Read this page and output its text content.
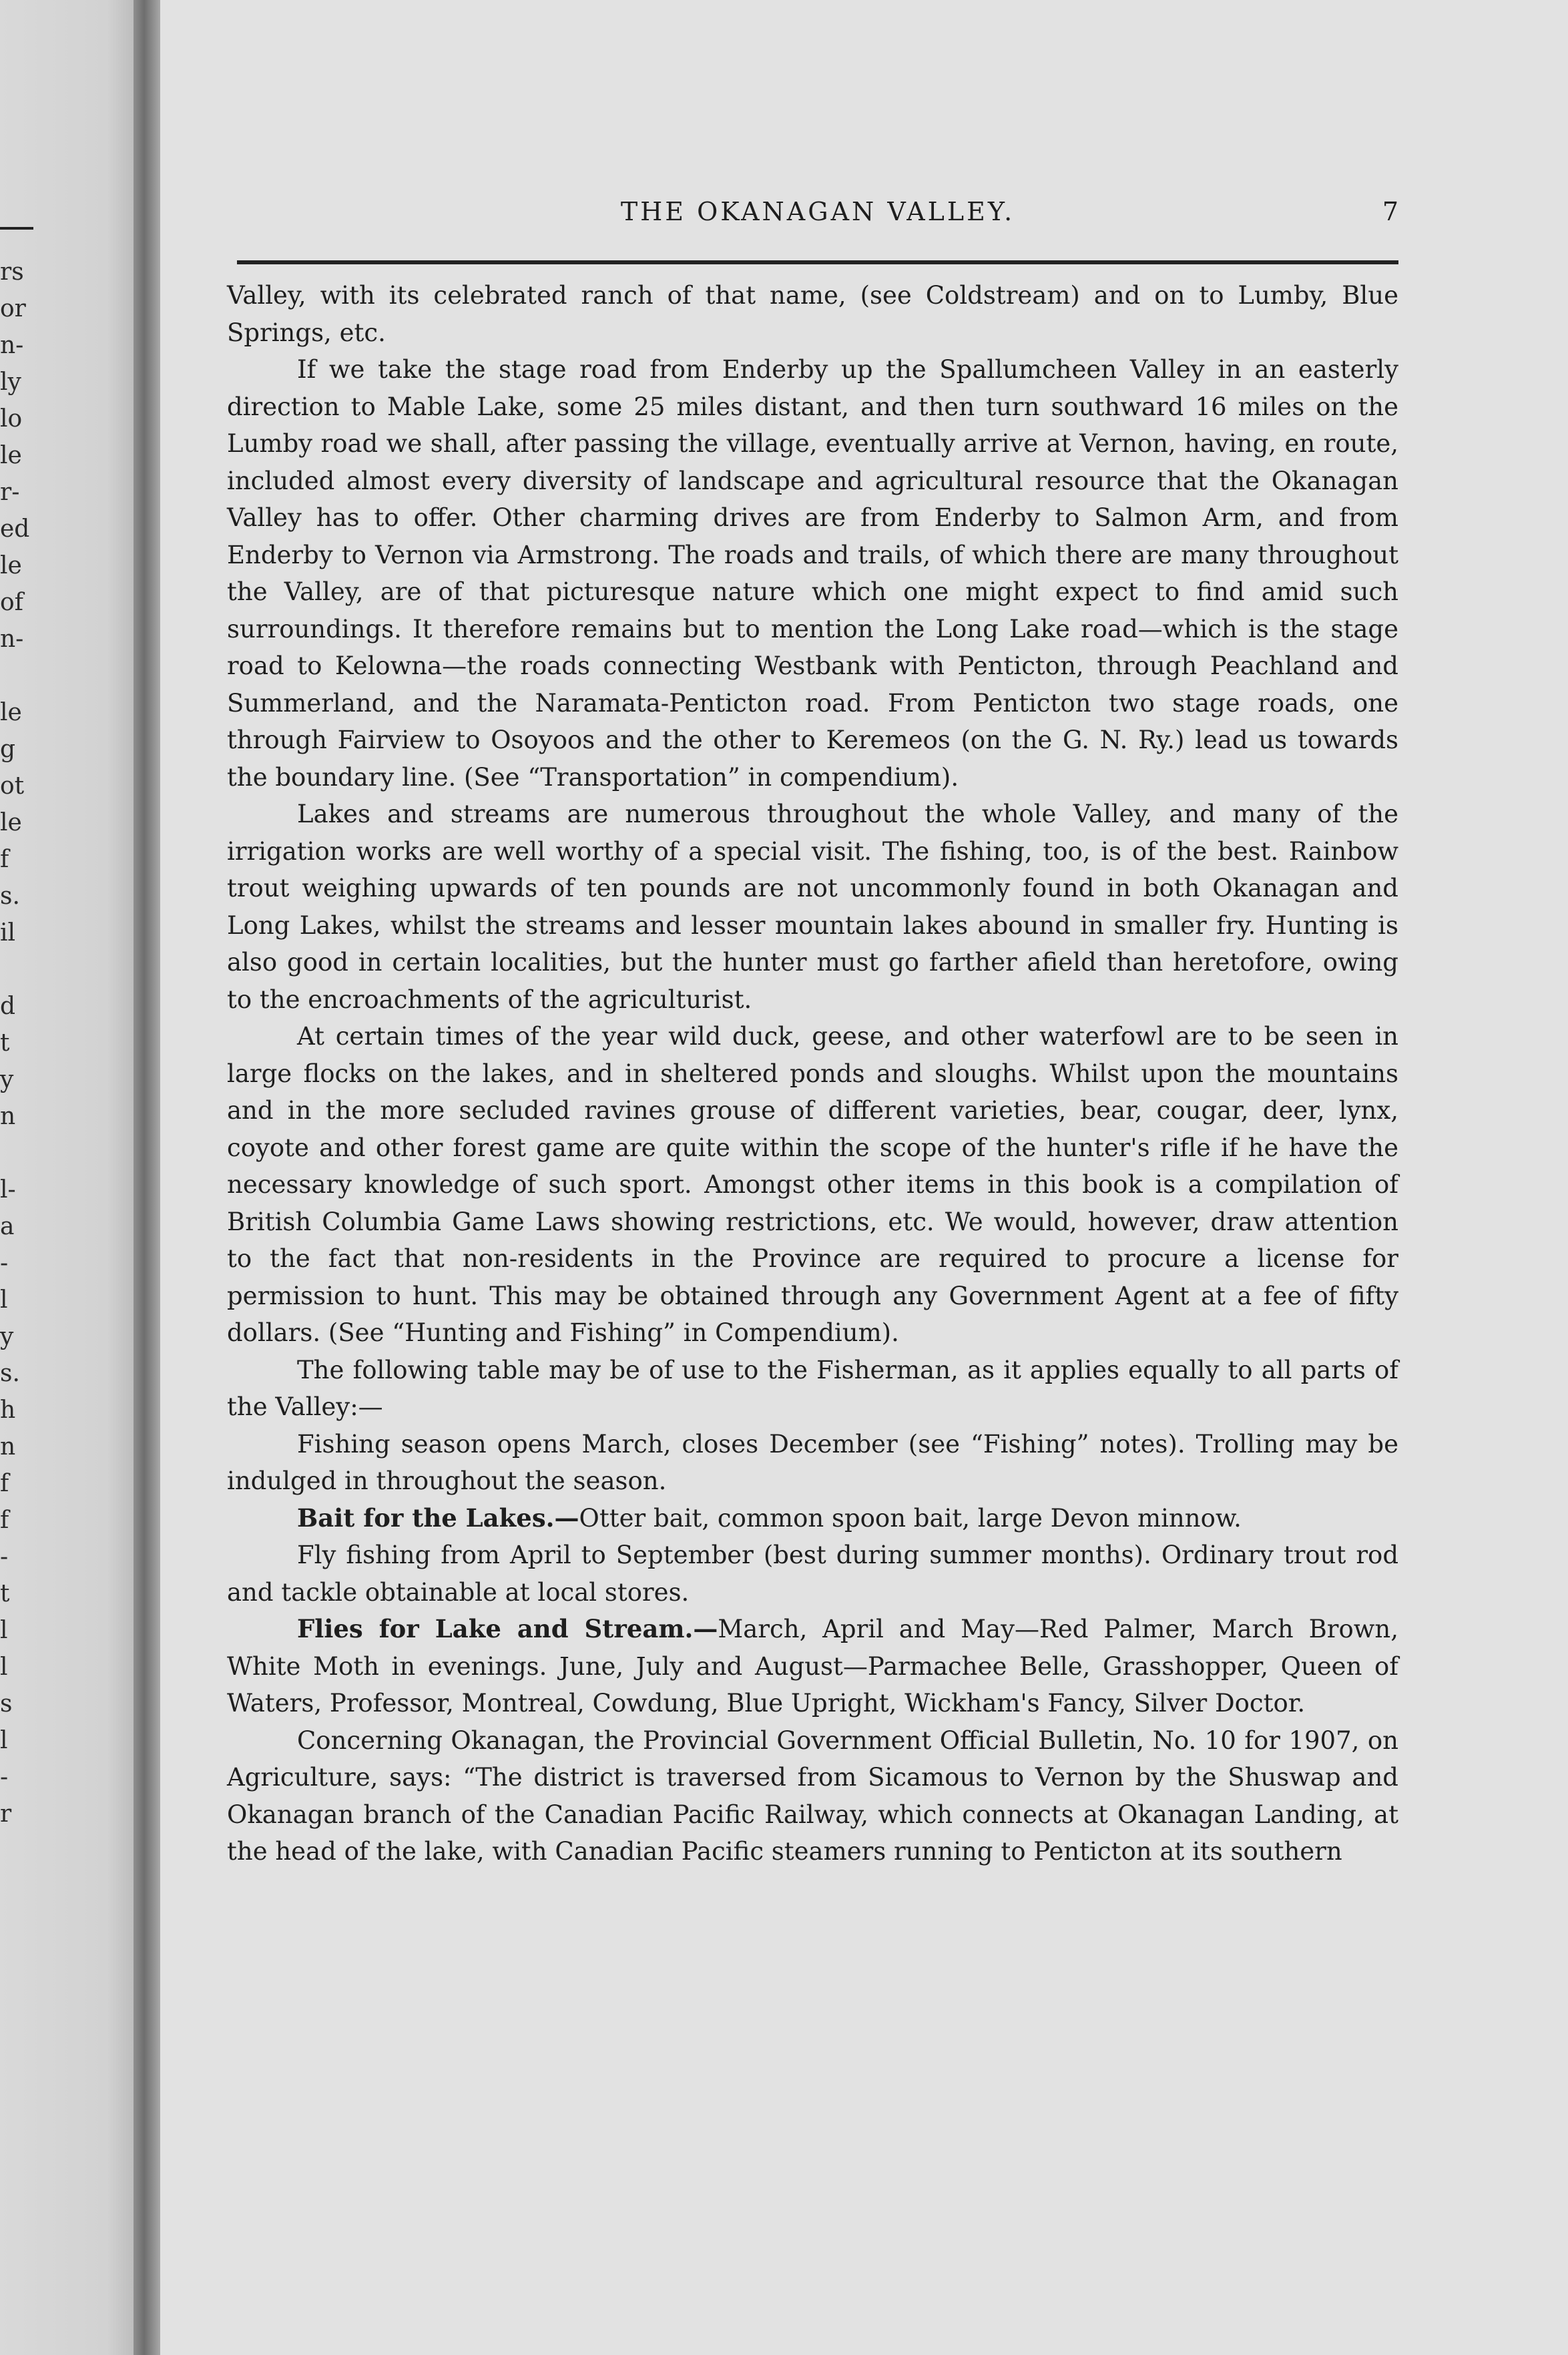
rs
or
n-
ly
lo
le
r-
ed
le
of
n-

le
g
ot
le
f
s.
il

d
t
y
n

l-
a
-
l
y
s.
h
n
f
f
-
t
l
l
s
l
-
r
THE OKANAGAN VALLEY.	7

Valley, with its celebrated ranch of that name, (see Coldstream) and on to Lumby, Blue Springs, etc.

If we take the stage road from Enderby up the Spallumcheen Valley in an easterly direction to Mable Lake, some 25 miles distant, and then turn southward 16 miles on the Lumby road we shall, after passing the village, eventually arrive at Vernon, having, en route, included almost every diversity of landscape and agricultural resource that the Okanagan Valley has to offer. Other charming drives are from Enderby to Salmon Arm, and from Enderby to Vernon via Armstrong. The roads and trails, of which there are many throughout the Valley, are of that picturesque nature which one might expect to find amid such surroundings. It therefore remains but to mention the Long Lake road—which is the stage road to Kelowna—the roads connecting Westbank with Penticton, through Peachland and Summerland, and the Naramata-Penticton road. From Penticton two stage roads, one through Fairview to Osoyoos and the other to Keremeos (on the G. N. Ry.) lead us towards the boundary line. (See “Transportation” in compendium).

Lakes and streams are numerous throughout the whole Valley, and many of the irrigation works are well worthy of a special visit. The fishing, too, is of the best. Rainbow trout weighing upwards of ten pounds are not uncommonly found in both Okanagan and Long Lakes, whilst the streams and lesser mountain lakes abound in smaller fry. Hunting is also good in certain localities, but the hunter must go farther afield than heretofore, owing to the encroachments of the agriculturist.

At certain times of the year wild duck, geese, and other waterfowl are to be seen in large flocks on the lakes, and in sheltered ponds and sloughs. Whilst upon the mountains and in the more secluded ravines grouse of different varieties, bear, cougar, deer, lynx, coyote and other forest game are quite within the scope of the hunter's rifle if he have the necessary knowledge of such sport. Amongst other items in this book is a compilation of British Columbia Game Laws showing restrictions, etc. We would, however, draw attention to the fact that non-residents in the Province are required to procure a license for permission to hunt. This may be obtained through any Government Agent at a fee of fifty dollars. (See “Hunting and Fishing” in Compendium).

The following table may be of use to the Fisherman, as it applies equally to all parts of the Valley:—

Fishing season opens March, closes December (see “Fishing” notes). Trolling may be indulged in throughout the season.

Bait for the Lakes.—Otter bait, common spoon bait, large Devon minnow.

Fly fishing from April to September (best during summer months). Ordinary trout rod and tackle obtainable at local stores.

Flies for Lake and Stream.—March, April and May—Red Palmer, March Brown, White Moth in evenings. June, July and August—Parmachee Belle, Grasshopper, Queen of Waters, Professor, Montreal, Cowdung, Blue Upright, Wickham's Fancy, Silver Doctor.

Concerning Okanagan, the Provincial Government Official Bulletin, No. 10 for 1907, on Agriculture, says: “The district is traversed from Sicamous to Vernon by the Shuswap and Okanagan branch of the Canadian Pacific Railway, which connects at Okanagan Landing, at the head of the lake, with Canadian Pacific steamers running to Penticton at its southern
